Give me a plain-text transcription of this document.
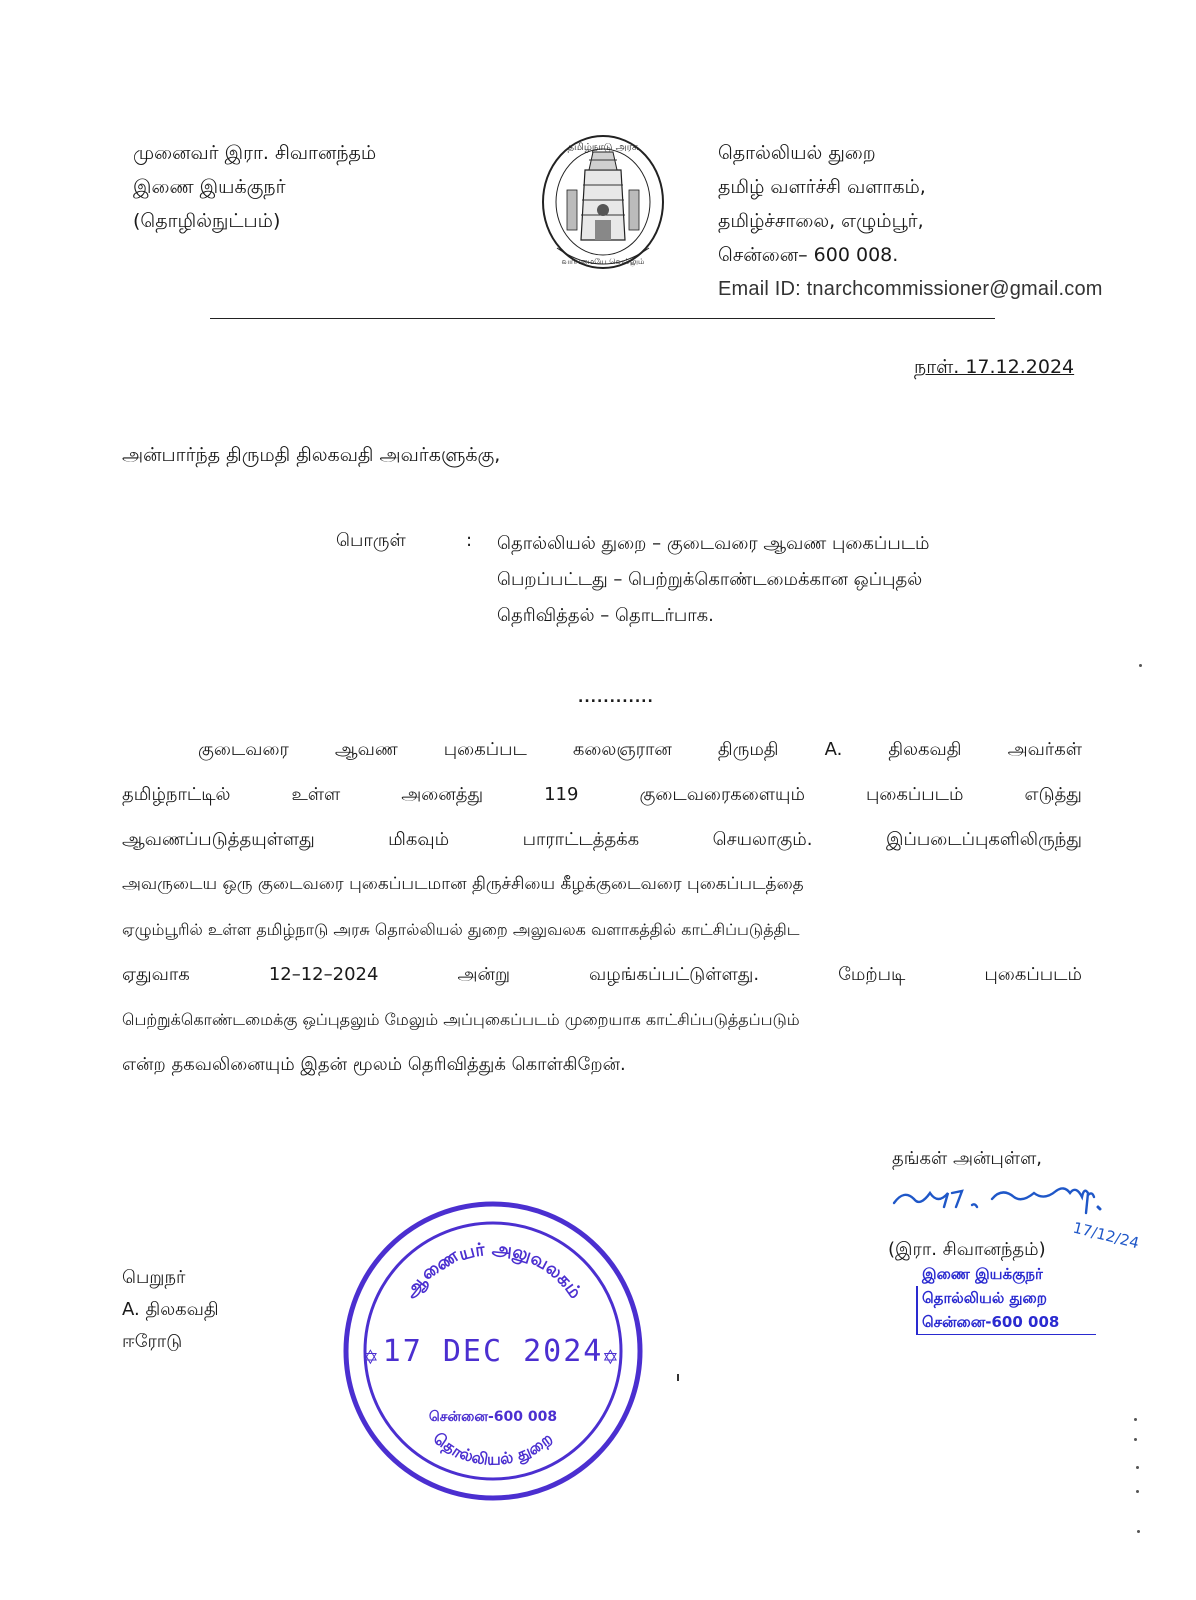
முனைவர் இரா. சிவானந்தம்
இணை இயக்குநர்
(தொழில்நுட்பம்)
தமிழ்நாடு அரசு
வாய்மையே வெல்லும்
தொல்லியல் துறை
தமிழ் வளர்ச்சி வளாகம்,
தமிழ்ச்சாலை, எழும்பூர்,
சென்னை– 600 008.
Email ID: tnarchcommissioner@gmail.com
நாள். 17.12.2024
அன்பார்ந்த திருமதி திலகவதி அவர்களுக்கு,
பொருள்	: தொல்லியல் துறை – குடைவரை ஆவண புகைப்படம்
பெறப்பட்டது – பெற்றுக்கொண்டமைக்கான ஒப்புதல்
தெரிவித்தல் – தொடர்பாக.
............
குடைவரை	ஆவண	புகைப்பட	கலைஞரான	திருமதி	A.	திலகவதி	அவர்கள்
தமிழ்நாட்டில்	உள்ள	அனைத்து	119	குடைவரைகளையும்	புகைப்படம்	எடுத்து
ஆவணப்படுத்தயுள்ளது	மிகவும்	பாராட்டத்தக்க	செயலாகும்.	இப்படைப்புகளிலிருந்து
அவருடைய ஒரு குடைவரை புகைப்படமான திருச்சியை கீழக்குடைவரை புகைப்படத்தை
ஏழும்பூரில் உள்ள தமிழ்நாடு அரசு தொல்லியல் துறை அலுவலக வளாகத்தில் காட்சிப்படுத்திட
ஏதுவாக	12–12–2024	அன்று	வழங்கப்பட்டுள்ளது.	மேற்படி	புகைப்படம்
பெற்றுக்கொண்டமைக்கு ஒப்புதலும் மேலும் அப்புகைப்படம் முறையாக காட்சிப்படுத்தப்படும்
என்ற தகவலினையும் இதன் மூலம் தெரிவித்துக் கொள்கிறேன்.
தங்கள் அன்புள்ள,
17/12/24
(இரா. சிவானந்தம்)
இணை இயக்குநர்
தொல்லியல் துறை
சென்னை-600 008
ஆணையர் அலுவலகம்
17 DEC 2024
சென்னை-600 008
தொல்லியல் துறை
✡	✡
பெறுநர்
A. திலகவதி
ஈரோடு
